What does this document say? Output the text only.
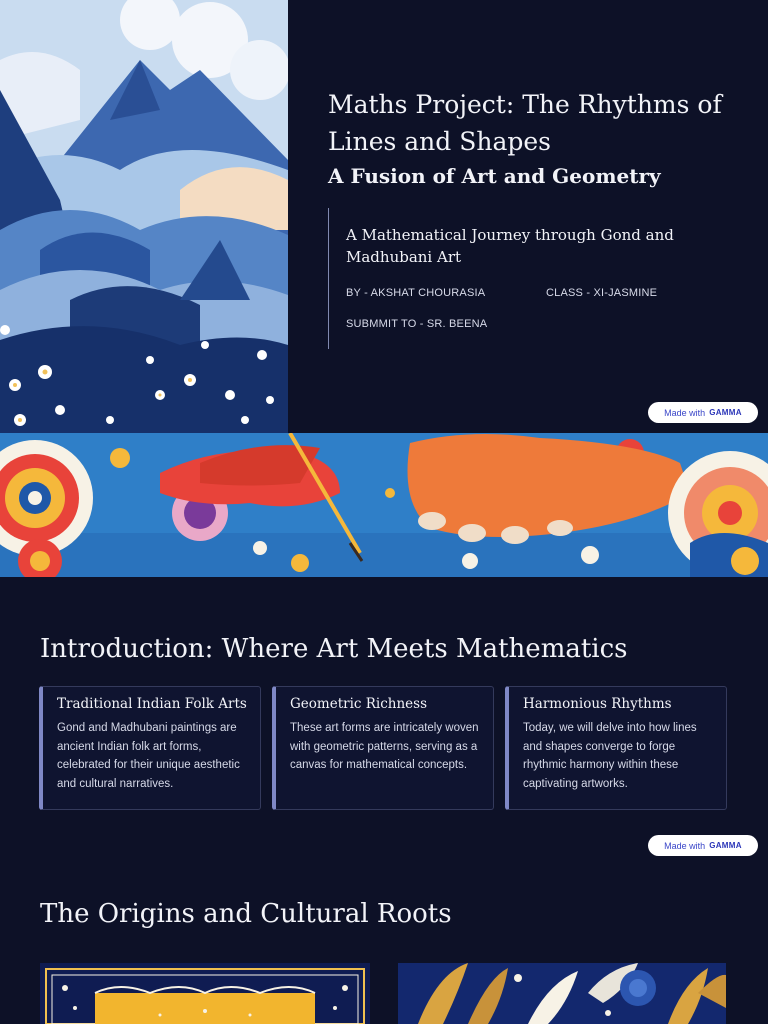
Maths Project: The Rhythms of Lines and Shapes
A Fusion of Art and Geometry

A Mathematical Journey through Gond and Madhubani Art

BY - AKSHAT CHOURASIA	CLASS - XI-JASMINE
SUBMMIT TO - SR. BEENA
Made with GAMMA
Introduction: Where Art Meets Mathematics
Traditional Indian Folk Arts

Gond and Madhubani paintings are ancient Indian folk art forms, celebrated for their unique aesthetic and cultural narratives.

Geometric Richness

These art forms are intricately woven with geometric patterns, serving as a canvas for mathematical concepts.

Harmonious Rhythms

Today, we will delve into how lines and shapes converge to forge rhythmic harmony within these captivating artworks.

Made with GAMMA
The Origins and Cultural Roots
